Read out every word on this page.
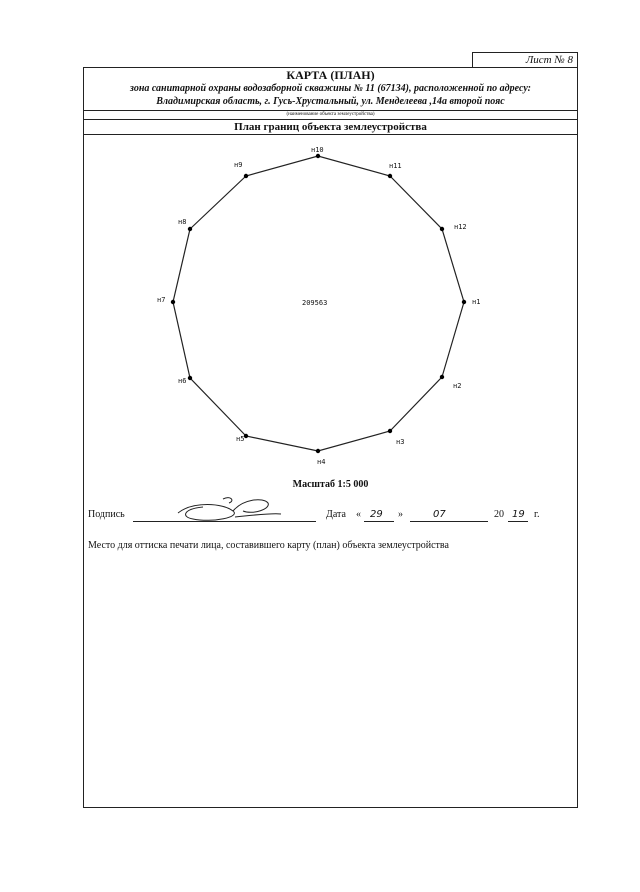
Лист № 8
КАРТА (ПЛАН)
зона санитарной охраны водозаборной скважины № 11 (67134), расположенной по адресу:
Владимирская область, г. Гусь-Хрустальный, ул. Менделеева ,14а второй пояс
(наименование объекта землеустройства)
План границ объекта землеустройства
н1
н2
н3
н4
н5
н6
н7
н8
н9
н10
н11
н12
209563
Масштаб 1:5 000
Подпись	Дата « 29 »	07	20 19 г.
Место для оттиска печати лица, составившего карту (план) объекта землеустройства
